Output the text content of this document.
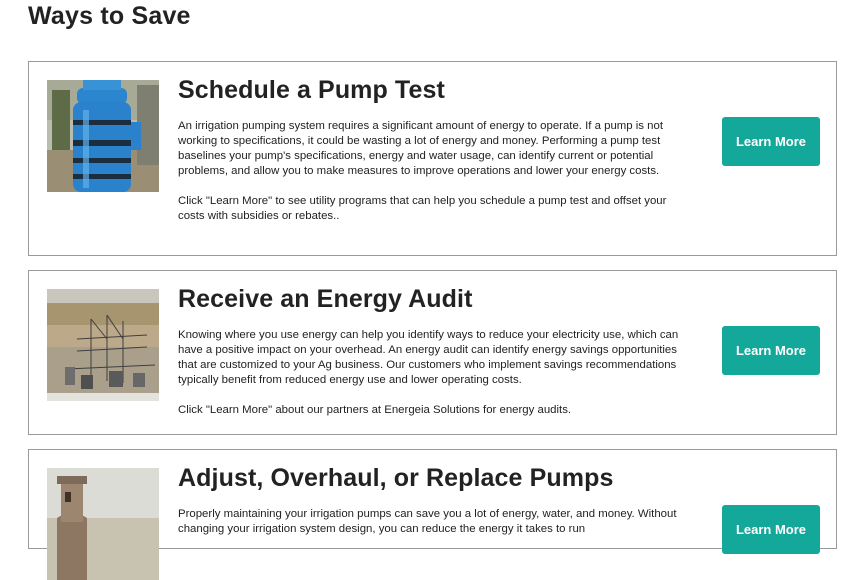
Ways to Save
Schedule a Pump Test

An irrigation pumping system requires a significant amount of energy to operate. If a pump is not working to specifications, it could be wasting a lot of energy and money. Performing a pump test baselines your pump's specifications, energy and water usage, can identify current or potential problems, and allow you to make measures to improve operations and lower your energy costs.

Click "Learn More" to see utility programs that can help you schedule a pump test and offset your costs with subsidies or rebates..

Learn More
Receive an Energy Audit

Knowing where you use energy can help you identify ways to reduce your electricity use, which can have a positive impact on your overhead. An energy audit can identify energy savings opportunities that are customized to your Ag business. Our customers who implement savings recommendations typically benefit from reduced energy use and lower operating costs.

Click "Learn More" about our partners at Energeia Solutions for energy audits.

Learn More
Adjust, Overhaul, or Replace Pumps

Properly maintaining your irrigation pumps can save you a lot of energy, water, and money. Without changing your irrigation system design, you can reduce the energy it takes to run	Learn More
